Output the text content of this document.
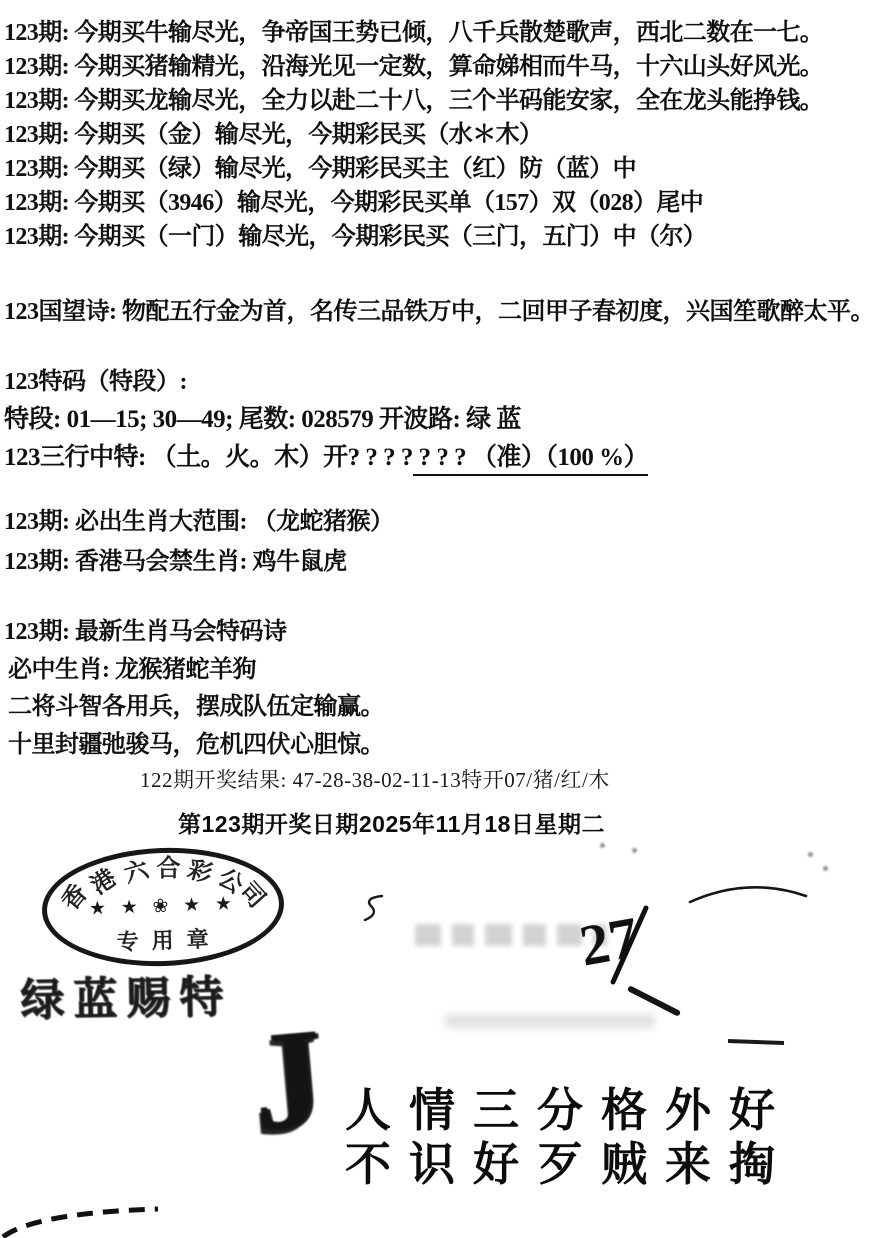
123期: 今期买牛输尽光，争帝国王势已倾，八千兵散楚歌声，西北二数在一七。
123期: 今期买猪输精光，沿海光见一定数，算命娣相而牛马，十六山头好风光。
123期: 今期买龙输尽光，全力以赴二十八，三个半码能安家，全在龙头能挣钱。
123期: 今期买（金）输尽光，今期彩民买（水＊木）
123期: 今期买（绿）输尽光，今期彩民买主（红）防（蓝）中
123期: 今期买（3946）输尽光，今期彩民买单（157）双（028）尾中
123期: 今期买（一门）输尽光，今期彩民买（三门，五门）中（尔）
123国望诗: 物配五行金为首，名传三品铁万中，二回甲子春初度，兴国笙歌醉太平。
123特码（特段）:
特段: 01—15; 30—49; 尾数: 028579 开波路: 绿 蓝
123三行中特: （土。火。木）开? ? ? ? ? ? ? （准）（100 %）
123期: 必出生肖大范围: （龙蛇猪猴）
123期: 香港马会禁生肖: 鸡牛鼠虎
123期: 最新生肖马会特码诗
必中生肖: 龙猴猪蛇羊狗
二将斗智各用兵，摆成队伍定输赢。
十里封疆弛骏马，危机四伏心胆惊。
122期开奖结果: 47-28-38-02-11-13特开07/猪/红/木
第123期开奖日期2025年11月18日星期二
香
港 六 合 彩
公
司
★ ★ ❀ ★ ★
专用章
绿蓝赐特

27
J 人情三分格外好
不识好歹贼来掏
